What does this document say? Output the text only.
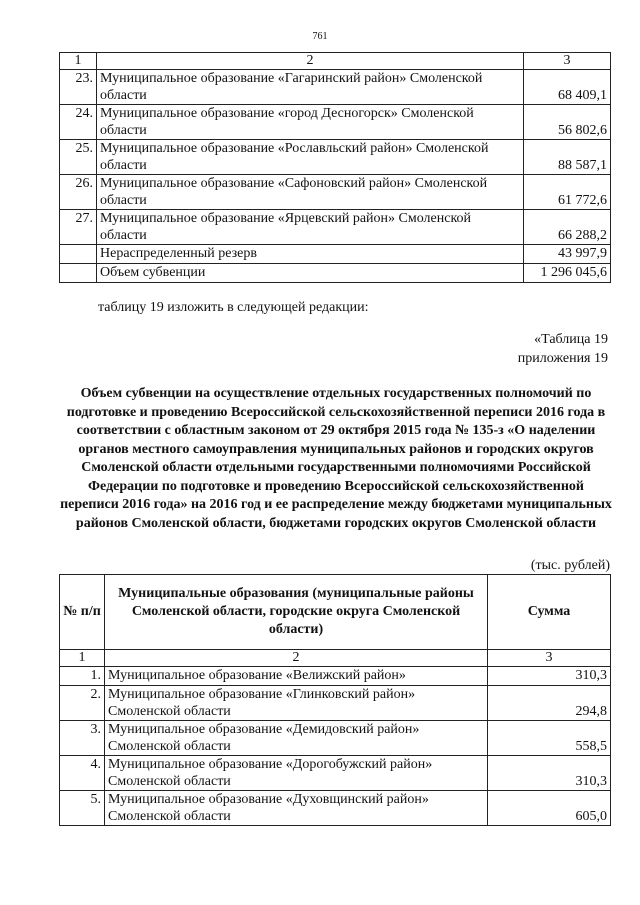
761
1	2	3
23.	Муниципальное образование «Гагаринский район» Смоленской области	68 409,1
24.	Муниципальное образование «город Десногорск» Смоленской области	56 802,6
25.	Муниципальное образование «Рославльский район» Смоленской области	88 587,1
26.	Муниципальное образование «Сафоновский район» Смоленской области	61 772,6
27.	Муниципальное образование «Ярцевский район» Смоленской области	66 288,2
	Нераспределенный резерв	43 997,9
	Объем субвенции	1 296 045,6
таблицу 19 изложить в следующей редакции:
«Таблица 19
приложения 19
Объем субвенции на осуществление отдельных государственных полномочий по подготовке и проведению Всероссийской сельскохозяйственной переписи 2016 года в соответствии с областным законом от 29 октября 2015 года № 135-з «О наделении органов местного самоуправления муниципальных районов и городских округов Смоленской области отдельными государственными полномочиями Российской Федерации по подготовке и проведению Всероссийской сельскохозяйственной переписи 2016 года» на 2016 год и ее распределение между бюджетами муниципальных районов Смоленской области, бюджетами городских округов Смоленской области
(тыс. рублей)
№ п/п	Муниципальные образования (муниципальные районы Смоленской области, городские округа Смоленской области)	Сумма
1	2	3
1.	Муниципальное образование «Велижский район»	310,3
2.	Муниципальное образование «Глинковский район» Смоленской области	294,8
3.	Муниципальное образование «Демидовский район» Смоленской области	558,5
4.	Муниципальное образование «Дорогобужский район» Смоленской области	310,3
5.	Муниципальное образование «Духовщинский район» Смоленской области	605,0
